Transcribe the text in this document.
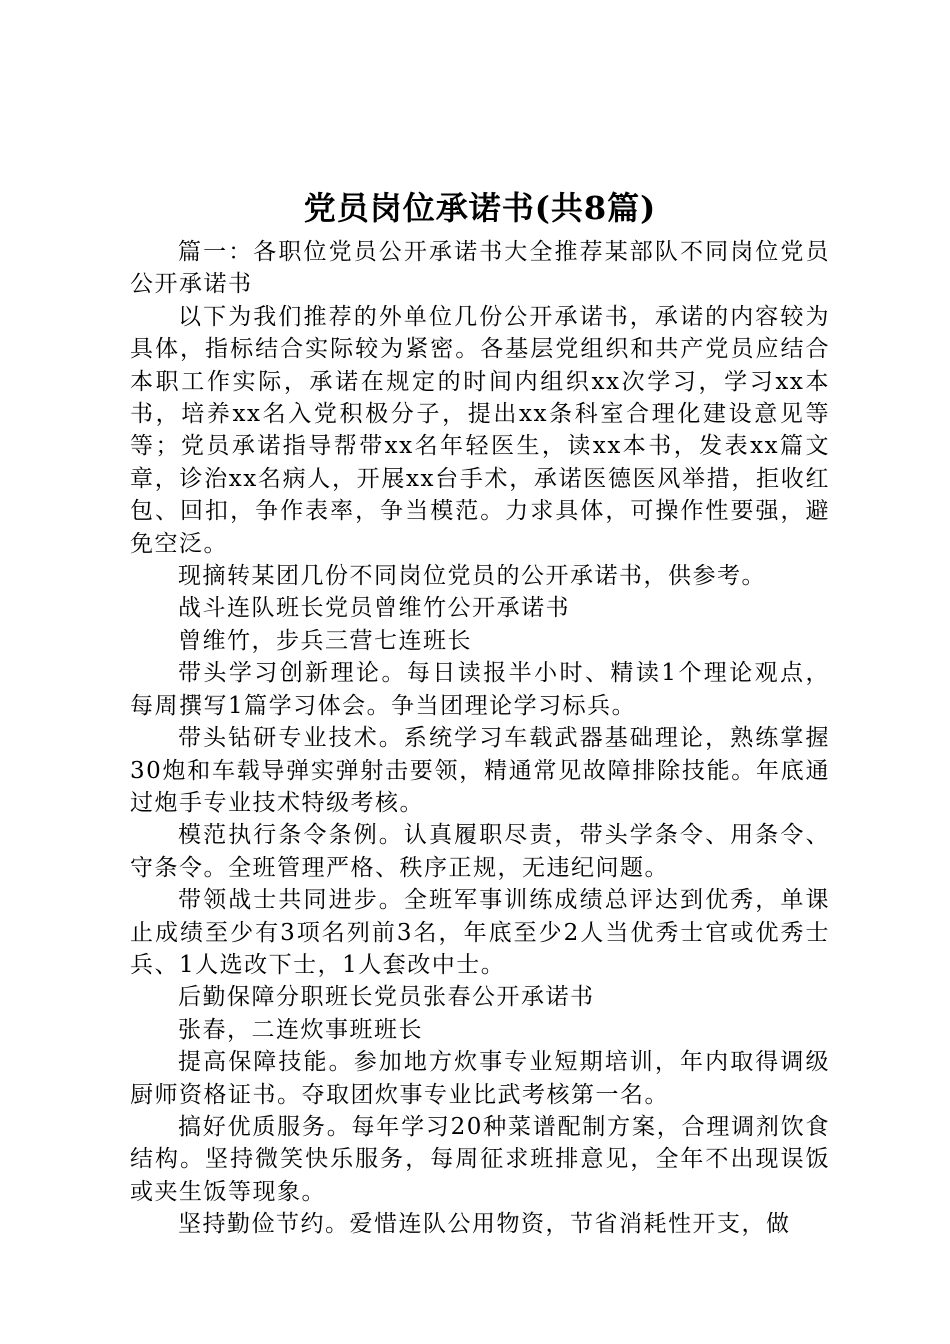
党员岗位承诺书(共8篇)

篇一：各职位党员公开承诺书大全推荐某部队不同岗位党员公开承诺书

以下为我们推荐的外单位几份公开承诺书，承诺的内容较为具体，指标结合实际较为紧密。各基层党组织和共产党员应结合本职工作实际，承诺在规定的时间内组织xx次学习，学习xx本书，培养xx名入党积极分子，提出xx条科室合理化建设意见等等；党员承诺指导帮带xx名年轻医生，读xx本书，发表xx篇文章，诊治xx名病人，开展xx台手术，承诺医德医风举措，拒收红包、回扣，争作表率，争当模范。力求具体，可操作性要强，避免空泛。

现摘转某团几份不同岗位党员的公开承诺书，供参考。

战斗连队班长党员曾维竹公开承诺书

曾维竹，步兵三营七连班长

带头学习创新理论。每日读报半小时、精读1个理论观点，每周撰写1篇学习体会。争当团理论学习标兵。

带头钻研专业技术。系统学习车载武器基础理论，熟练掌握30炮和车载导弹实弹射击要领，精通常见故障排除技能。年底通过炮手专业技术特级考核。

模范执行条令条例。认真履职尽责，带头学条令、用条令、守条令。全班管理严格、秩序正规，无违纪问题。

带领战士共同进步。全班军事训练成绩总评达到优秀，单课止成绩至少有3项名列前3名，年底至少2人当优秀士官或优秀士兵、1人选改下士，1人套改中士。

后勤保障分职班长党员张春公开承诺书

张春，二连炊事班班长

提高保障技能。参加地方炊事专业短期培训，年内取得调级厨师资格证书。夺取团炊事专业比武考核第一名。

搞好优质服务。每年学习20种菜谱配制方案，合理调剂饮食结构。坚持微笑快乐服务，每周征求班排意见，全年不出现误饭或夹生饭等现象。

坚持勤俭节约。爱惜连队公用物资，节省消耗性开支，做
